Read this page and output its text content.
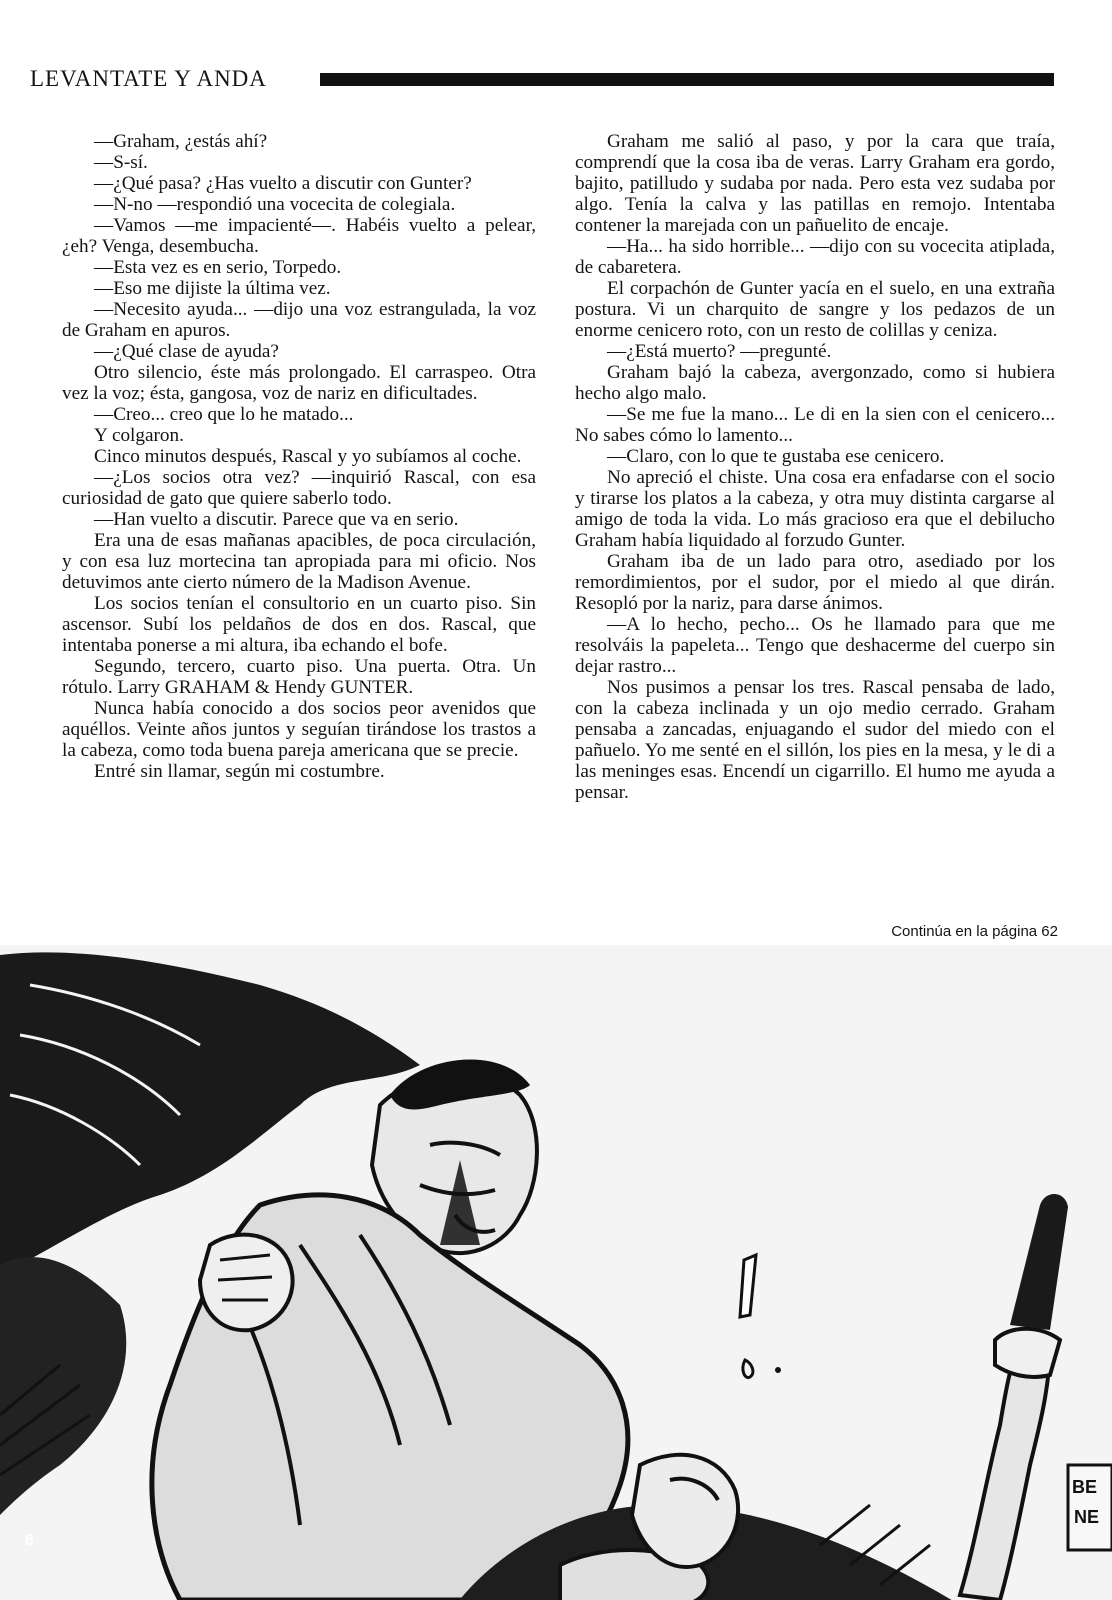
LEVANTATE Y ANDA

—Graham, ¿estás ahí?

—S-sí.

—¿Qué pasa? ¿Has vuelto a discutir con Gunter?

—N-no —respondió una vocecita de colegiala.

—Vamos —me impacienté—. Habéis vuelto a pelear, ¿eh? Venga, desembucha.

—Esta vez es en serio, Torpedo.

—Eso me dijiste la última vez.

—Necesito ayuda... —dijo una voz estrangulada, la voz de Graham en apuros.

—¿Qué clase de ayuda?

Otro silencio, éste más prolongado. El carraspeo. Otra vez la voz; ésta, gangosa, voz de nariz en dificultades.

—Creo... creo que lo he matado...

Y colgaron.

Cinco minutos después, Rascal y yo subíamos al coche.

—¿Los socios otra vez? —inquirió Rascal, con esa curiosidad de gato que quiere saberlo todo.

—Han vuelto a discutir. Parece que va en serio.

Era una de esas mañanas apacibles, de poca circulación, y con esa luz mortecina tan apropiada para mi oficio. Nos detuvimos ante cierto número de la Madison Avenue.

Los socios tenían el consultorio en un cuarto piso. Sin ascensor. Subí los peldaños de dos en dos. Rascal, que intentaba ponerse a mi altura, iba echando el bofe.

Segundo, tercero, cuarto piso. Una puerta. Otra. Un rótulo. Larry GRAHAM & Hendy GUNTER.

Nunca había conocido a dos socios peor avenidos que aquéllos. Veinte años juntos y seguían tirándose los trastos a la cabeza, como toda buena pareja americana que se precie.

Entré sin llamar, según mi costumbre.

Graham me salió al paso, y por la cara que traía, comprendí que la cosa iba de veras. Larry Graham era gordo, bajito, patilludo y sudaba por nada. Pero esta vez sudaba por algo. Tenía la calva y las patillas en remojo. Intentaba contener la marejada con un pañuelito de encaje.

—Ha... ha sido horrible... —dijo con su vocecita atiplada, de cabaretera.

El corpachón de Gunter yacía en el suelo, en una extraña postura. Vi un charquito de sangre y los pedazos de un enorme cenicero roto, con un resto de colillas y ceniza.

—¿Está muerto? —pregunté.

Graham bajó la cabeza, avergonzado, como si hubiera hecho algo malo.

—Se me fue la mano... Le di en la sien con el cenicero... No sabes cómo lo lamento...

—Claro, con lo que te gustaba ese cenicero.

No apreció el chiste. Una cosa era enfadarse con el socio y tirarse los platos a la cabeza, y otra muy distinta cargarse al amigo de toda la vida. Lo más gracioso era que el debilucho Graham había liquidado al forzudo Gunter.

Graham iba de un lado para otro, asediado por los remordimientos, por el sudor, por el miedo al que dirán. Resopló por la nariz, para darse ánimos.

—A lo hecho, pecho... Os he llamado para que me resolváis la papeleta... Tengo que deshacerme del cuerpo sin dejar rastro...

Nos pusimos a pensar los tres. Rascal pensaba de lado, con la cabeza inclinada y un ojo medio cerrado. Graham pensaba a zancadas, enjuagando el sudor del miedo con el pañuelo. Yo me senté en el sillón, los pies en la mesa, y le di a las meninges esas. Encendí un cigarrillo. El humo me ayuda a pensar.

Continúa en la página 62
BE
NE
6
